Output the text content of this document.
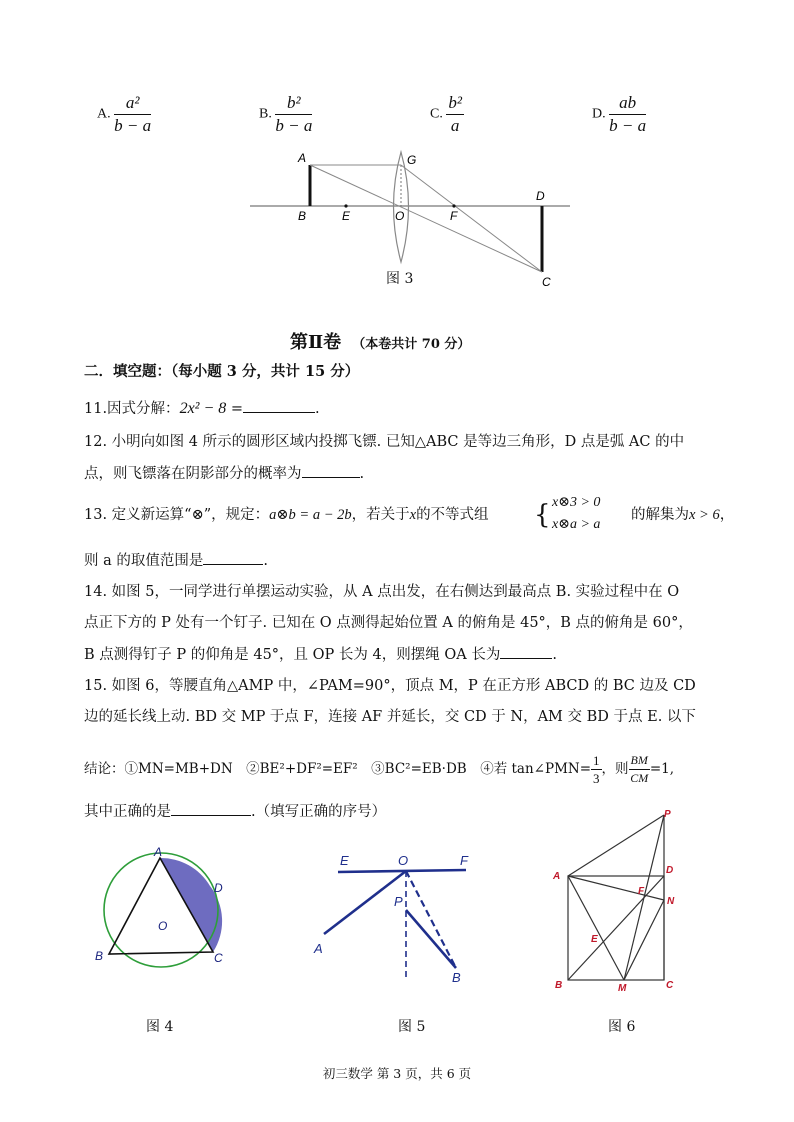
A. $\frac{\text{a²}}{b - a}$	B. $\frac{\text{b²}}{b - a}$	C. $\frac{\text{b²}}{a}$	D. $\frac{ab}{b - a}$
A
B	E	O
G
F
D
C
图 3
第Ⅱ卷 （本卷共计 70 分）
二．填空题：（每小题 3 分，共计 15 分）
11.因式分解：2x² − 8 =	.
12. 小明向如图 4 所示的圆形区域内投掷飞镖. 已知△ABC 是等边三角形，D 点是弧 AC 的中
点，则飞镖落在阴影部分的概率为	.
13. 定义新运算“⊗”，规定：a⊗b = a − 2b，若关于x的不等式组 { x⊗3 > 0
x⊗a > a
的解集为x > 6，
则 a 的取值范围是	.
14. 如图 5，一同学进行单摆运动实验，从 A 点出发，在右侧达到最高点 B. 实验过程中在 O
点正下方的 P 处有一个钉子. 已知在 O 点测得起始位置 A 的俯角是 45°，B 点的俯角是 60°，
B 点测得钉子 P 的仰角是 45°，且 OP 长为 4，则摆绳 OA 长为	.
15. 如图 6，等腰直角△AMP 中，∠PAM=90°，顶点 M，P 在正方形 ABCD 的 BC 边及 CD
边的延长线上动. BD 交 MP 于点 F，连接 AF 并延长，交 CD 于 N，AM 交 BD 于点 E. 以下
结论：①MN=MB+DN　②BE²+DF²=EF²　③BC²=EB·DB　④若 tan∠PMN= $\frac{1}{3}$ ，则 $\frac{BM}{CM} =1$,
其中正确的是	.（填写正确的序号）
A
B	C
D
O
图 4
E	O	F
P
A
B
图 5
P
A
D
F
N
E
B	M	C
图 6
初三数学 第 3 页，共 6 页
